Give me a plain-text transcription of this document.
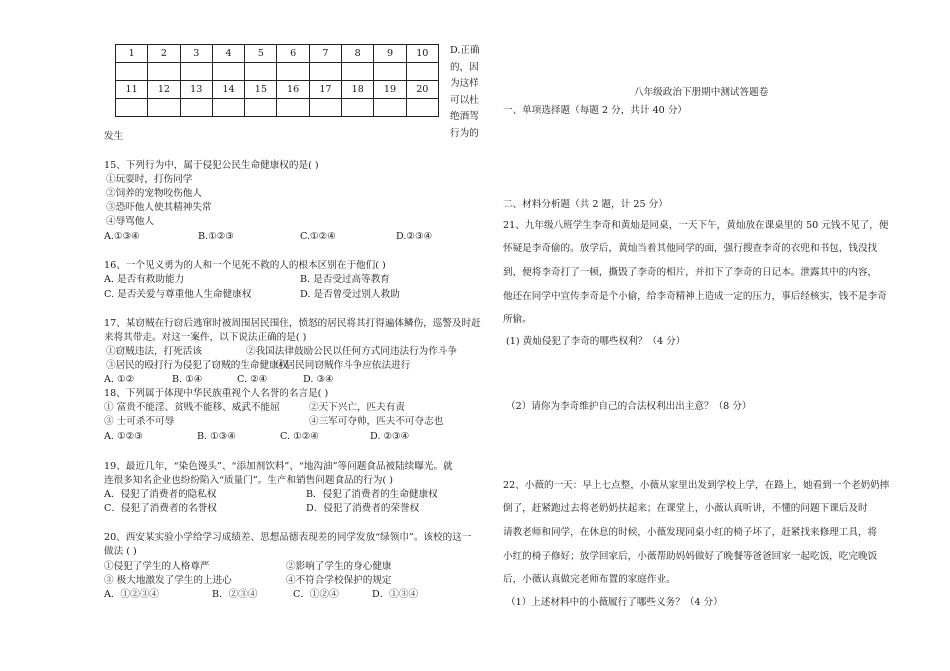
1	2	3	4	5	6	7	8	9	10

11	12	13	14	15	16	17	18	19	20

D.正确的，因为这样可以杜绝酒驾行为的
发生
15、下列行为中，属于侵犯公民生命健康权的是( )
①玩耍时，打伤同学
②饲养的宠物咬伤他人
③恐吓他人使其精神失常
④辱骂他人
A.①③④	B.①②③	C.①②④	D.②③④
16、一个见义勇为的人和一个见死不救的人的根本区别在于他们( )
A. 是否有救助能力	B. 是否受过高等教育
C. 是否关爱与尊重他人生命健康权	D. 是否曾受过别人救助
17、某窃贼在行窃后逃窜时被周围居民围住，愤怒的居民将其打得遍体鳞伤，巡警及时赶
来将其带走。对这一案件，以下说法正确的是( )
①窃贼违法，打死活该	②我国法律鼓励公民以任何方式同违法行为作斗争
③居民的殴打行为侵犯了窃贼的生命健康权
④居民同窃贼作斗争应依法进行
A. ①②	B. ①④	C. ②④	D. ③④
18、下列属于体现中华民族重视个人名誉的名言是( )
① 富贵不能淫、贫贱不能移、威武不能屈	②天下兴亡，匹夫有责
③ 士可杀不可辱	④三军可夺帅，匹夫不可夺志也
A. ①②③	B. ①③④	C. ①②④	D. ②③④
19、最近几年，“染色馒头”、“添加剂饮料”、“地沟油”等问题食品被陆续曝光。就
连很多知名企业也纷纷陷入“质量门”。生产和销售问题食品的行为( )
A．侵犯了消费者的隐私权	B．侵犯了消费者的生命健康权
C．侵犯了消费者的名誉权	D．侵犯了消费者的荣誉权
20、西安某实验小学给学习成绩差、思想品德表现差的同学发放“绿领巾”。该校的这一
做法 ( )
①侵犯了学生的人格尊严	②影响了学生的身心健康
③ 极大地激发了学生的上进心	④不符合学校保护的规定
A．①②③④	B．②③④	C．①②④	D．①③④
八年级政治下册期中测试答题卷
一、单项选择题（每题 2 分，共计 40 分）
二、材料分析题（共 2 题，计 25 分）
21、九年级八班学生李奇和黄灿是同桌，一天下午，黄灿放在课桌里的 50 元钱不见了，便
怀疑是李奇偷的。放学后，黄灿当着其他同学的面，强行搜查李奇的衣兜和书包，钱没找
到，便将李奇打了一顿，撕毁了李奇的相片，并扣下了李奇的日记本。泄露其中的内容，
他还在同学中宣传李奇是个小偷，给李奇精神上造成一定的压力，事后经核实，钱不是李奇
所偷。
(1) 黄灿侵犯了李奇的哪些权利？（4 分）
（2）请你为李奇维护自己的合法权利出出主意？（8 分）
22、小薇的一天：早上七点整，小薇从家里出发到学校上学，在路上，她看到一个老奶奶摔
倒了，赶紧跑过去将老奶奶扶起来；在课堂上，小薇认真听讲，不懂的问题下课后及时
请教老师和同学，在休息的时候，小薇发现同桌小红的椅子坏了，赶紧找来修理工具，将
小红的椅子修好；放学回家后，小薇帮助妈妈做好了晚餐等爸爸回家一起吃饭，吃完晚饭
后，小薇认真做完老师布置的家庭作业。
（1）上述材料中的小薇履行了哪些义务？（4 分）
